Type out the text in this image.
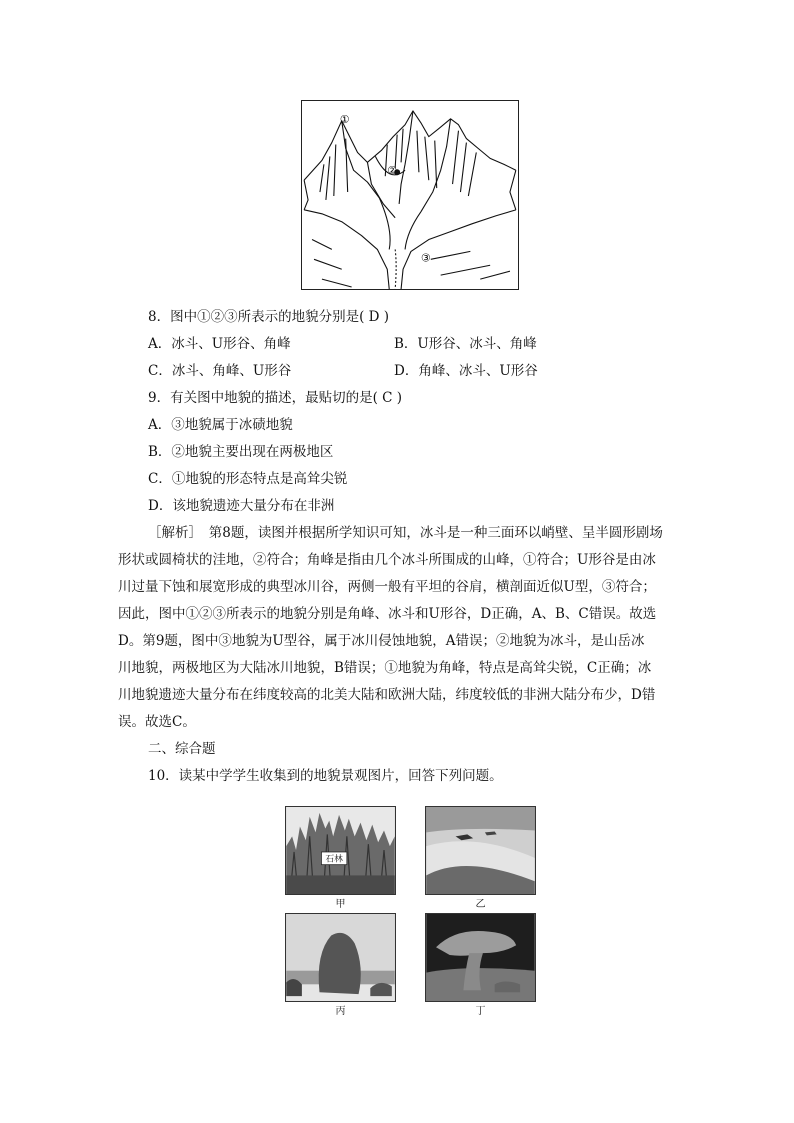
①
②
③
8．图中①②③所表示的地貌分别是( D )
A．冰斗、U形谷、角峰	B．U形谷、冰斗、角峰
C．冰斗、角峰、U形谷	D．角峰、冰斗、U形谷
9．有关图中地貌的描述，最贴切的是( C )
A．③地貌属于冰碛地貌
B．②地貌主要出现在两极地区
C．①地貌的形态特点是高耸尖锐
D．该地貌遗迹大量分布在非洲
［解析］　第8题，读图并根据所学知识可知，冰斗是一种三面环以峭壁、呈半圆形剧场
形状或圆椅状的洼地，②符合；角峰是指由几个冰斗所围成的山峰，①符合；U形谷是由冰
川过量下蚀和展宽形成的典型冰川谷，两侧一般有平坦的谷肩，横剖面近似U型，③符合；
因此，图中①②③所表示的地貌分别是角峰、冰斗和U形谷，D正确，A、B、C错误。故选
D。第9题，图中③地貌为U型谷，属于冰川侵蚀地貌，A错误；②地貌为冰斗，是山岳冰
川地貌，两极地区为大陆冰川地貌，B错误；①地貌为角峰，特点是高耸尖锐，C正确；冰
川地貌遗迹大量分布在纬度较高的北美大陆和欧洲大陆，纬度较低的非洲大陆分布少，D错
误。故选C。
二、综合题
10．读某中学学生收集到的地貌景观图片，回答下列问题。
石林
甲	乙
丙	丁
